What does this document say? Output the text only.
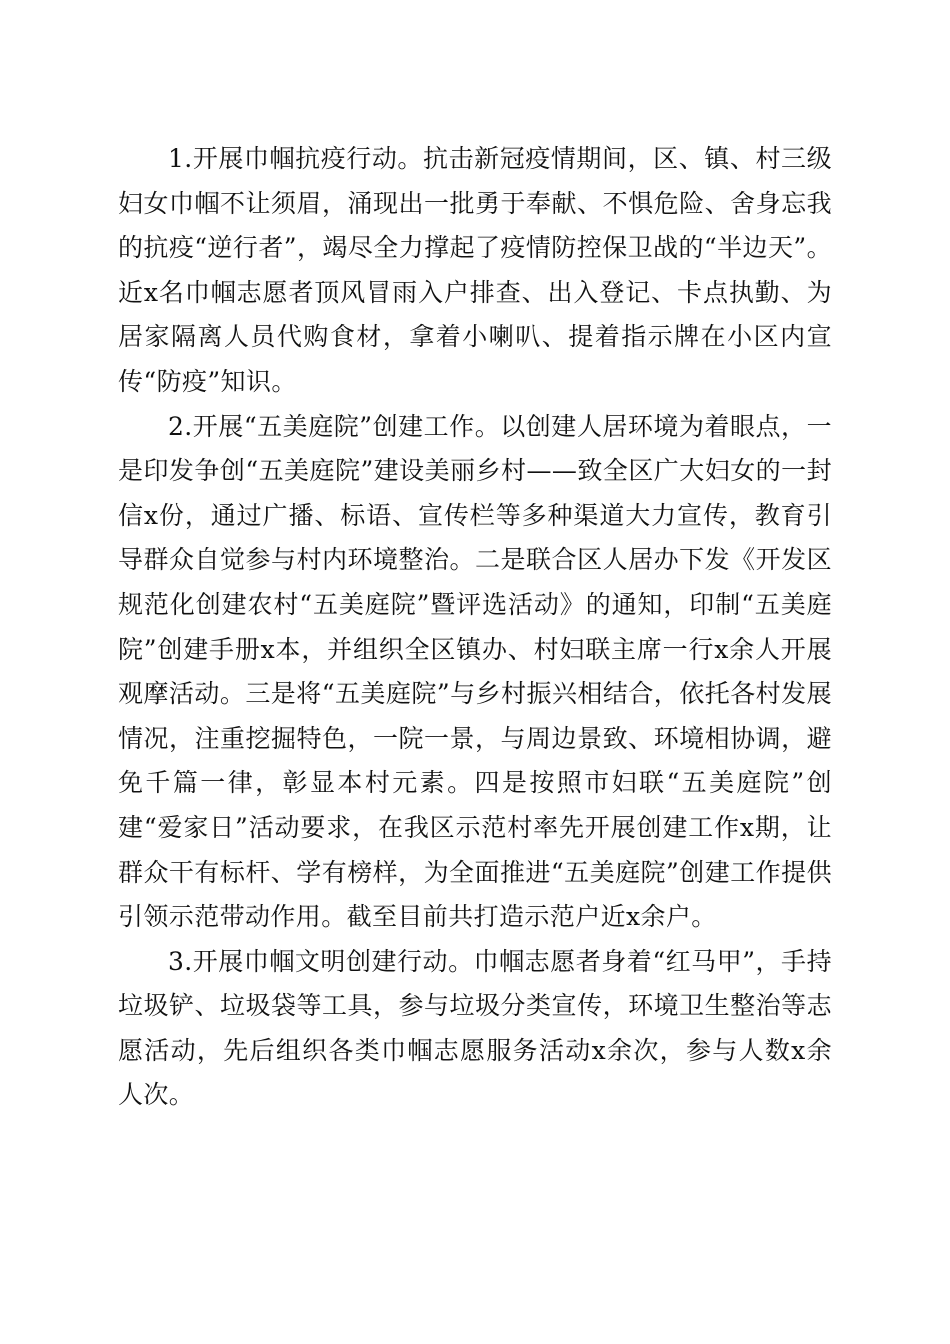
1.开展巾帼抗疫行动。抗击新冠疫情期间，区、镇、村三级妇女巾帼不让须眉，涌现出一批勇于奉献、不惧危险、舍身忘我的抗疫“逆行者”，竭尽全力撑起了疫情防控保卫战的“半边天”。近x名巾帼志愿者顶风冒雨入户排查、出入登记、卡点执勤、为居家隔离人员代购食材，拿着小喇叭、提着指示牌在小区内宣传“防疫”知识。

2.开展“五美庭院”创建工作。以创建人居环境为着眼点，一是印发争创“五美庭院”建设美丽乡村——致全区广大妇女的一封信x份，通过广播、标语、宣传栏等多种渠道大力宣传，教育引导群众自觉参与村内环境整治。二是联合区人居办下发《开发区规范化创建农村“五美庭院”暨评选活动》的通知，印制“五美庭院”创建手册x本，并组织全区镇办、村妇联主席一行x余人开展观摩活动。三是将“五美庭院”与乡村振兴相结合，依托各村发展情况，注重挖掘特色，一院一景，与周边景致、环境相协调，避免千篇一律，彰显本村元素。四是按照市妇联“五美庭院”创建“爱家日”活动要求，在我区示范村率先开展创建工作x期，让群众干有标杆、学有榜样，为全面推进“五美庭院”创建工作提供引领示范带动作用。截至目前共打造示范户近x余户。

3.开展巾帼文明创建行动。巾帼志愿者身着“红马甲”，手持垃圾铲、垃圾袋等工具，参与垃圾分类宣传，环境卫生整治等志愿活动，先后组织各类巾帼志愿服务活动x余次，参与人数x余人次。
